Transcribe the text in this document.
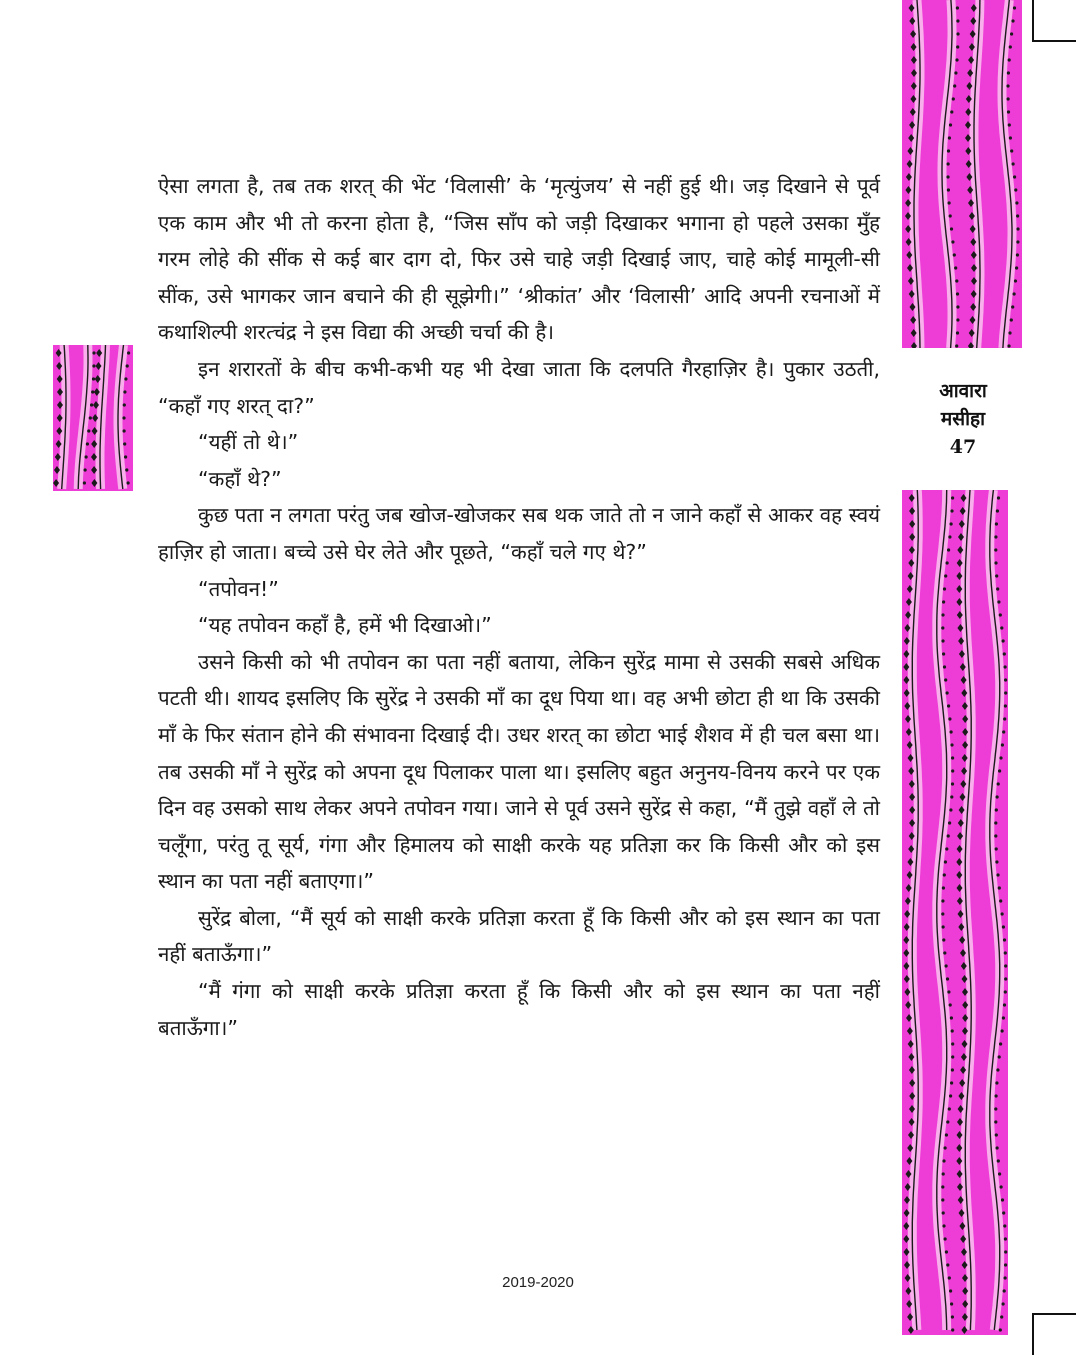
आवारा
मसीहा
47

ऐसा लगता है, तब तक शरत् की भेंट ‘विलासी’ के ‘मृत्युंजय’ से नहीं हुई थी। जड़ दिखाने से पूर्व एक काम और भी तो करना होता है, “जिस साँप को जड़ी दिखाकर भगाना हो पहले उसका मुँह गरम लोहे की सींक से कई बार दाग दो, फिर उसे चाहे जड़ी दिखाई जाए, चाहे कोई मामूली-सी सींक, उसे भागकर जान बचाने की ही सूझेगी।” ‘श्रीकांत’ और ‘विलासी’ आदि अपनी रचनाओं में कथाशिल्पी शरत्चंद्र ने इस विद्या की अच्छी चर्चा की है।

इन शरारतों के बीच कभी-कभी यह भी देखा जाता कि दलपति गैरहाज़िर है। पुकार उठती, “कहाँ गए शरत् दा?”

“यहीं तो थे।”

“कहाँ थे?”

कुछ पता न लगता परंतु जब खोज-खोजकर सब थक जाते तो न जाने कहाँ से आकर वह स्वयं हाज़िर हो जाता। बच्चे उसे घेर लेते और पूछते, “कहाँ चले गए थे?”

“तपोवन!”

“यह तपोवन कहाँ है, हमें भी दिखाओ।”

उसने किसी को भी तपोवन का पता नहीं बताया, लेकिन सुरेंद्र मामा से उसकी सबसे अधिक पटती थी। शायद इसलिए कि सुरेंद्र ने उसकी माँ का दूध पिया था। वह अभी छोटा ही था कि उसकी माँ के फिर संतान होने की संभावना दिखाई दी। उधर शरत् का छोटा भाई शैशव में ही चल बसा था। तब उसकी माँ ने सुरेंद्र को अपना दूध पिलाकर पाला था। इसलिए बहुत अनुनय-विनय करने पर एक दिन वह उसको साथ लेकर अपने तपोवन गया। जाने से पूर्व उसने सुरेंद्र से कहा, “मैं तुझे वहाँ ले तो चलूँगा, परंतु तू सूर्य, गंगा और हिमालय को साक्षी करके यह प्रतिज्ञा कर कि किसी और को इस स्थान का पता नहीं बताएगा।”

सुरेंद्र बोला, “मैं सूर्य को साक्षी करके प्रतिज्ञा करता हूँ कि किसी और को इस स्थान का पता नहीं बताऊँगा।”

“मैं गंगा को साक्षी करके प्रतिज्ञा करता हूँ कि किसी और को इस स्थान का पता नहीं बताऊँगा।”

2019-2020
